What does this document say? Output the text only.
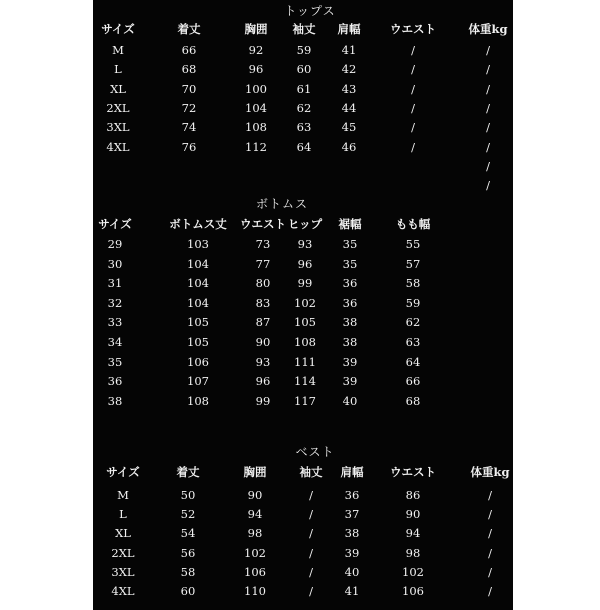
トップス
サイズ	着丈	胸囲 袖丈 肩幅	ウエスト	体重kg
M	66	92	59	41	/	/
L	68	96	60	42	/	/
XL	70	100	61	43	/	/
2XL	72	104	62	44	/	/
3XL	74	108	63	45	/	/
4XL	76	112	64	46	/	/
/
/
ボトムス
サイズ	ボトムス丈 ウエスト ヒップ 裾幅	もも幅
29	103	73 93	35	55
30	104	77 96	35	57
31	104	80 99	36	58
32	104	83 102 36	59
33	105	87 105 38	62
34	105	90 108 38	63
35	106	93 111 39	64
36	107	96 114 39	66
38	108	99 117 40	68
ベスト
サイズ	着丈	胸囲	袖丈 肩幅 ウエスト	体重kg
M	50	90	/	36	86	/
L	52	94	/	37	90	/
XL	54	98	/	38	94	/
2XL	56	102	/	39	98	/
3XL	58	106	/	40	102	/
4XL	60	110	/	41	106	/
